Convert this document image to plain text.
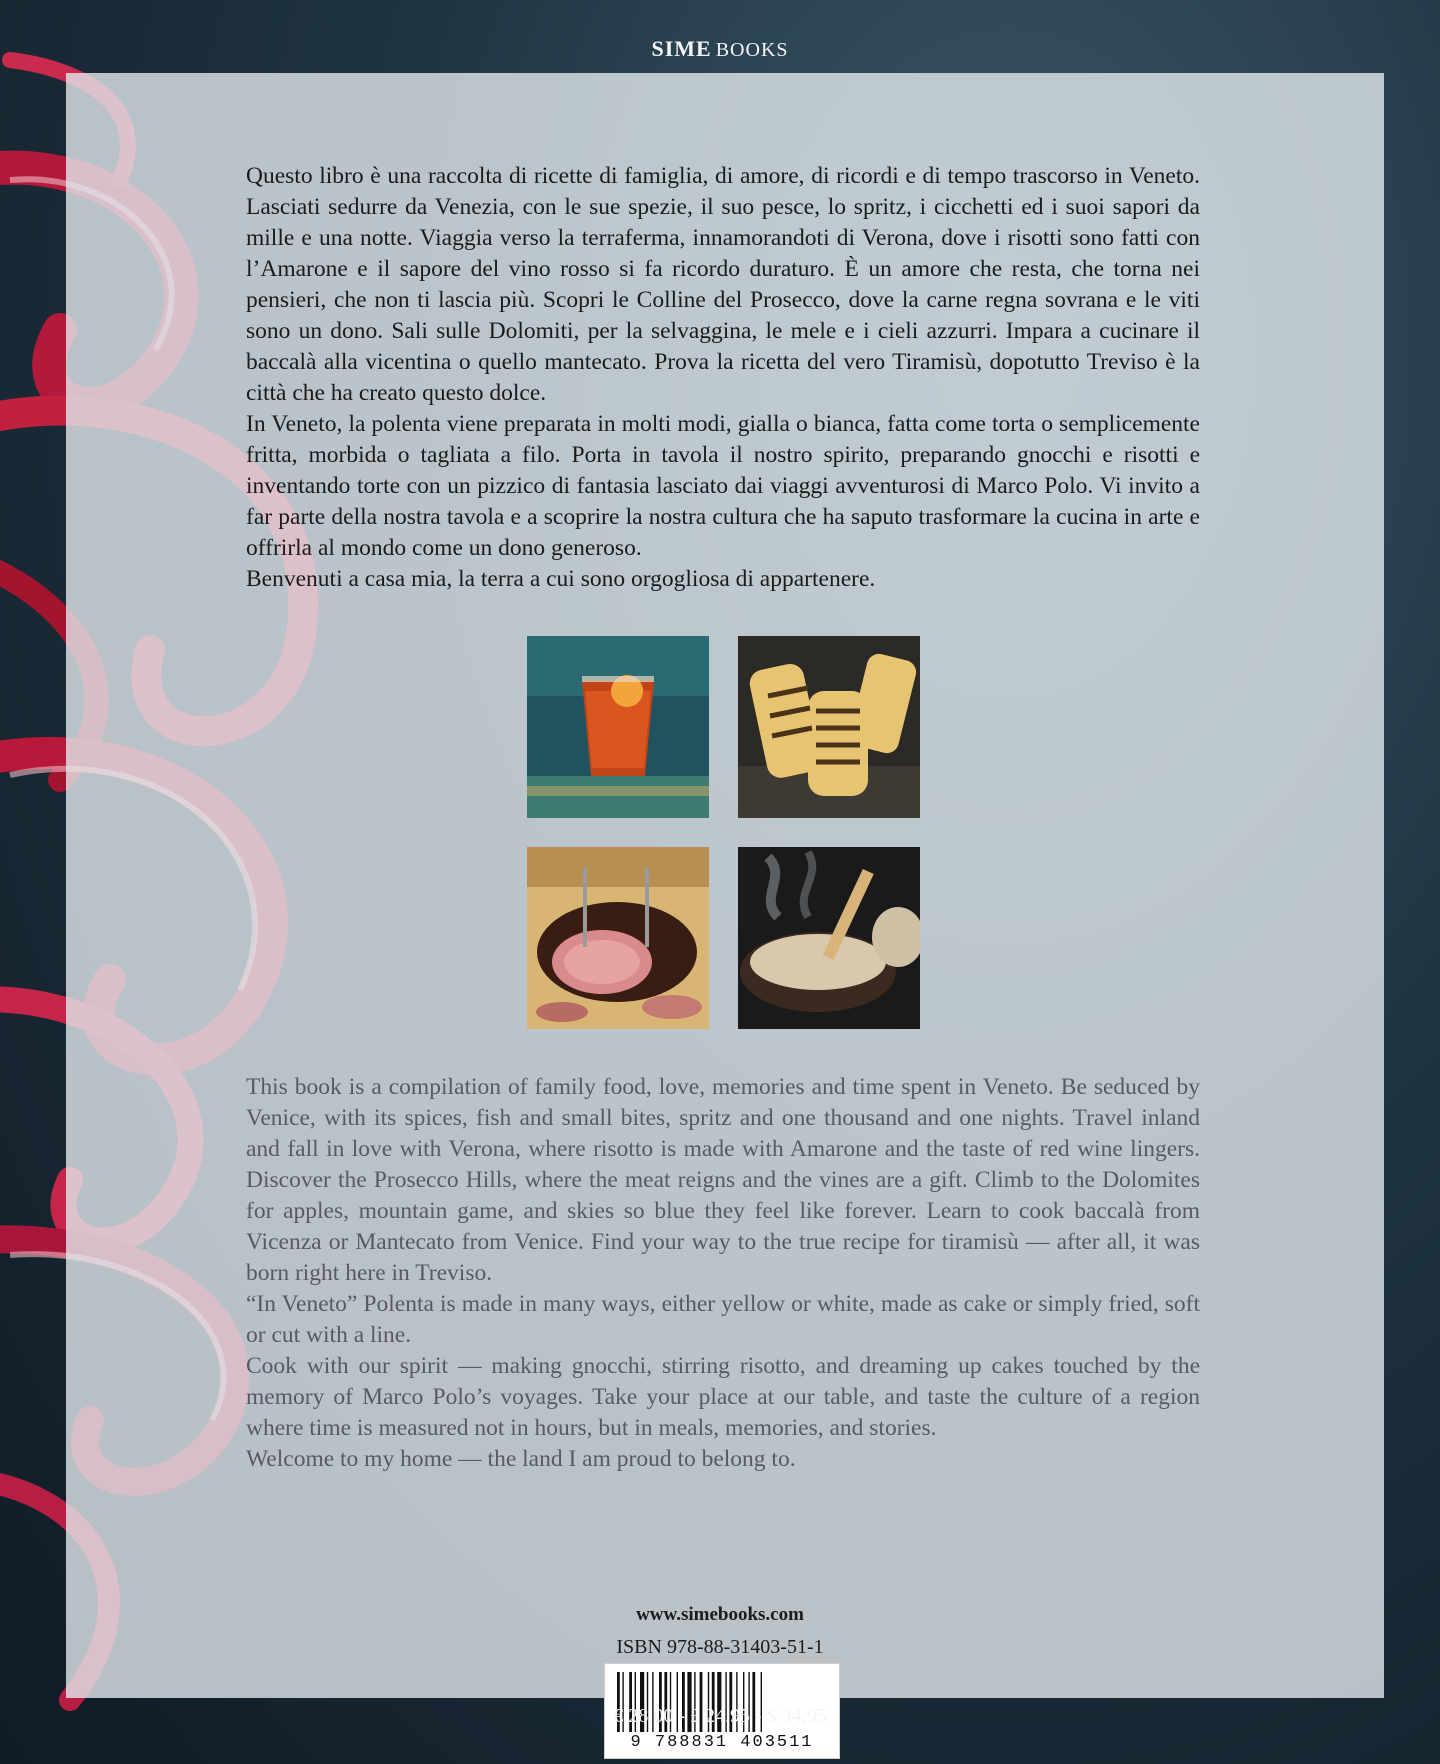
SIME BOOKS

Questo libro è una raccolta di ricette di famiglia, di amore, di ricordi e di tempo trascorso in Veneto. Lasciati sedurre da Venezia, con le sue spezie, il suo pesce, lo spritz, i cicchetti ed i suoi sapori da mille e una notte. Viaggia verso la terraferma, innamorandoti di Verona, dove i risotti sono fatti con l’Amarone e il sapore del vino rosso si fa ricordo duraturo. È un amore che resta, che torna nei pensieri, che non ti lascia più. Scopri le Colline del Prosecco, dove la carne regna sovrana e le viti sono un dono. Sali sulle Dolomiti, per la selvaggina, le mele e i cieli azzurri. Impara a cucinare il baccalà alla vicentina o quello mantecato. Prova la ricetta del vero Tiramisù, dopotutto Treviso è la città che ha creato questo dolce.

In Veneto, la polenta viene preparata in molti modi, gialla o bianca, fatta come torta o semplicemente fritta, morbida o tagliata a filo. Porta in tavola il nostro spirito, preparando gnocchi e risotti e inventando torte con un pizzico di fantasia lasciato dai viaggi avventurosi di Marco Polo. Vi invito a far parte della nostra tavola e a scoprire la nostra cultura che ha saputo trasformare la cucina in arte e offrirla al mondo come un dono generoso.

Benvenuti a casa mia, la terra a cui sono orgogliosa di appartenere.

This book is a compilation of family food, love, memories and time spent in Veneto. Be seduced by Venice, with its spices, fish and small bites, spritz and one thousand and one nights. Travel inland and fall in love with Verona, where risotto is made with Amarone and the taste of red wine lingers. Discover the Prosecco Hills, where the meat reigns and the vines are a gift. Climb to the Dolomites for apples, mountain game, and skies so blue they feel like forever. Learn to cook baccalà from Vicenza or Mantecato from Venice. Find your way to the true recipe for tiramisù — after all, it was born right here in Treviso.

“In Veneto” Polenta is made in many ways, either yellow or white, made as cake or simply fried, soft or cut with a line.

Cook with our spirit — making gnocchi, stirring risotto, and dreaming up cakes touched by the memory of Marco Polo’s voyages. Take your place at our table, and taste the culture of a region where time is measured not in hours, but in meals, memories, and stories.

Welcome to my home — the land I am proud to belong to.

www.simebooks.com
ISBN 978-88-31403-51-1
9 788831 403511
€ 28,00 - £ 24.95 - $ 34.95
